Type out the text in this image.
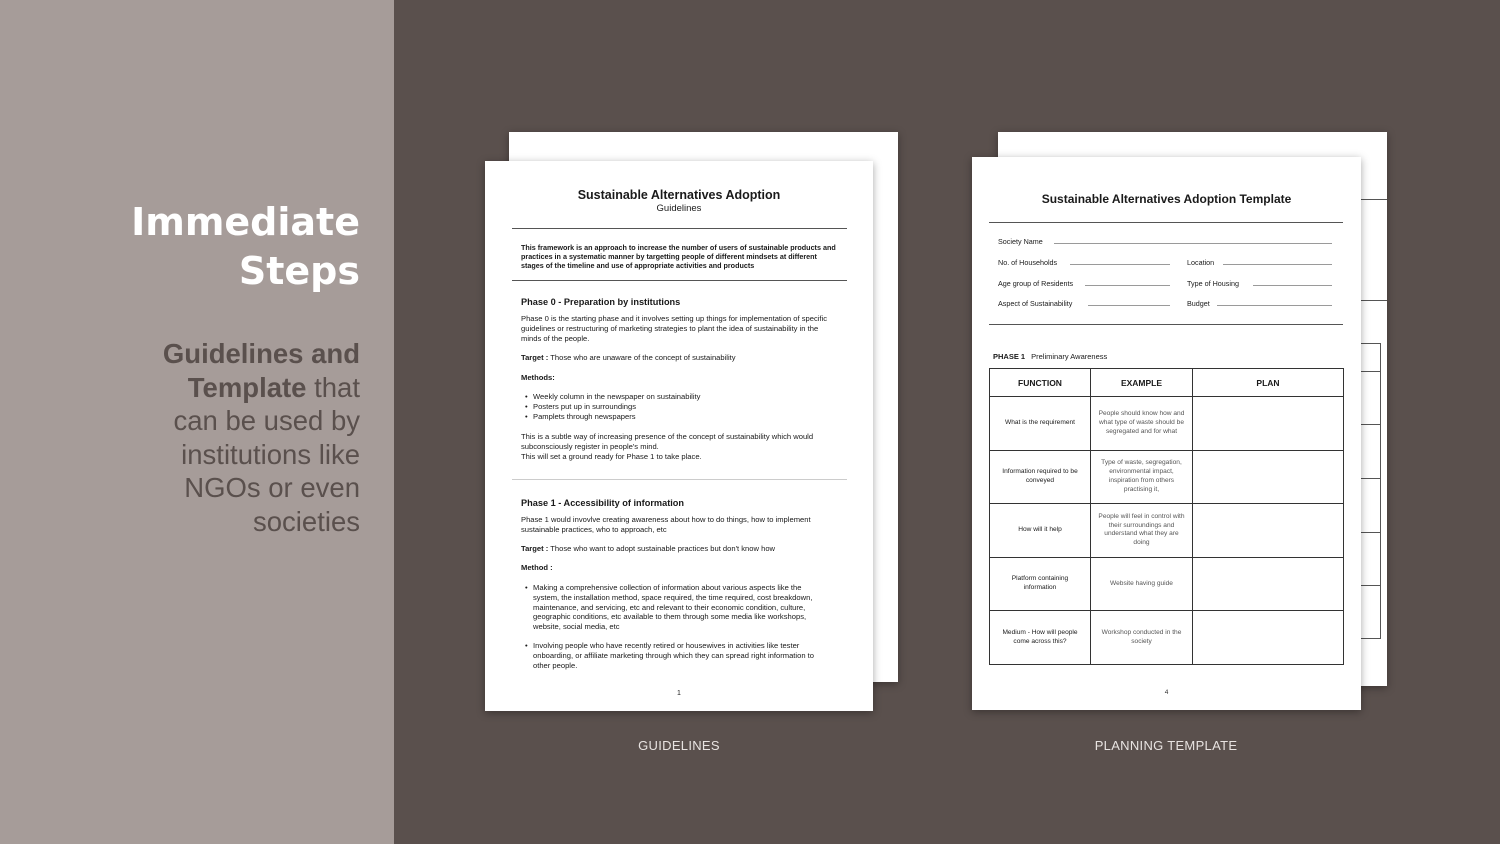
Immediate
Steps
Guidelines and
Template that
can be used by
institutions like
NGOs or even
societies
Sustainable Alternatives Adoption
Guidelines
This framework is an approach to increase the number of users of sustainable products and practices in a systematic manner by targetting people of different mindsets at different stages of the timeline and use of appropriate activities and products
Phase 0 - Preparation by institutions
Phase 0 is the starting phase and it involves setting up things for implementation of specific guidelines or restructuring of marketing strategies to plant the idea of sustainability in the minds of the people.
Target : Those who are unaware of the concept of sustainability
Methods:
• Weekly column in the newspaper on sustainability
• Posters put up in surroundings
• Pamplets through newspapers
This is a subtle way of increasing presence of the concept of sustainability which would subconsciously register in people's mind.
This will set a ground ready for Phase 1 to take place.
Phase 1 - Accessibility of information
Phase 1 would invovlve creating awareness about how to do things, how to implement sustainable practices, who to approach, etc
Target : Those who want to adopt sustainable practices but don't know how
Method :
• Making a comprehensive collection of information about various aspects like the system, the installation method, space required, the time required, cost breakdown, maintenance, and servicing, etc and relevant to their economic condition, culture, geographic conditions, etc available to them through some media like workshops, website, social media, etc
• Involving people who have recently retired or housewives in activities like tester onboarding, or affiliate marketing through which they can spread right information to other people.
1
GUIDELINES
Sustainable Alternatives Adoption Template
Society Name
No. of Households	Location
Age group of Residents	Type of Housing
Aspect of Sustainability	Budget
PHASE 1 Preliminary Awareness
FUNCTION	EXAMPLE	PLAN
What is the requirement	People should know how and what type of waste should be segregated and for what	
Information required to be conveyed	Type of waste, segregation, environmental impact, inspiration from others practising it,	
How will it help	People will feel in control with their surroundings and understand what they are doing	
Platform containing information	Website having guide	
Medium - How will people come across this?	Workshop conducted in the society	
4
PLANNING TEMPLATE
